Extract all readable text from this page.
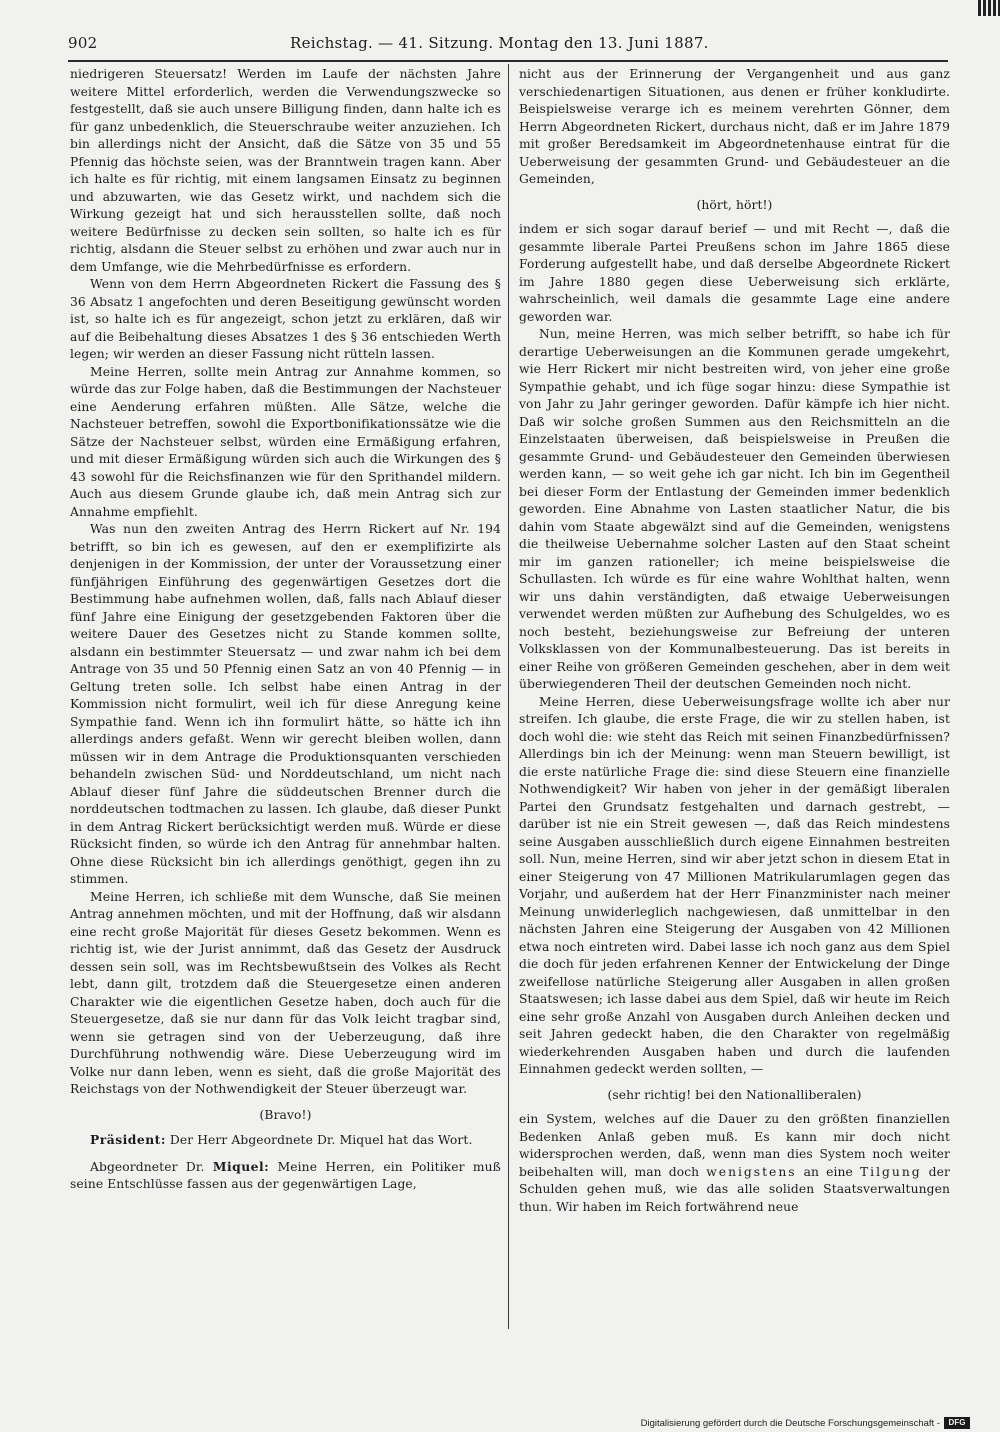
902	Reichstag. — 41. Sitzung. Montag den 13. Juni 1887.

niedrigeren Steuersatz! Werden im Laufe der nächsten Jahre weitere Mittel erforderlich, werden die Verwendungszwecke so festgestellt, daß sie auch unsere Billigung finden, dann halte ich es für ganz unbedenklich, die Steuerschraube weiter anzuziehen. Ich bin allerdings nicht der Ansicht, daß die Sätze von 35 und 55 Pfennig das höchste seien, was der Branntwein tragen kann. Aber ich halte es für richtig, mit einem langsamen Einsatz zu beginnen und abzuwarten, wie das Gesetz wirkt, und nachdem sich die Wirkung gezeigt hat und sich herausstellen sollte, daß noch weitere Bedürfnisse zu decken sein sollten, so halte ich es für richtig, alsdann die Steuer selbst zu erhöhen und zwar auch nur in dem Umfange, wie die Mehrbedürfnisse es erfordern.

Wenn von dem Herrn Abgeordneten Rickert die Fassung des § 36 Absatz 1 angefochten und deren Beseitigung gewünscht worden ist, so halte ich es für angezeigt, schon jetzt zu erklären, daß wir auf die Beibehaltung dieses Absatzes 1 des § 36 entschieden Werth legen; wir werden an dieser Fassung nicht rütteln lassen.

Meine Herren, sollte mein Antrag zur Annahme kommen, so würde das zur Folge haben, daß die Bestimmungen der Nachsteuer eine Aenderung erfahren müßten. Alle Sätze, welche die Nachsteuer betreffen, sowohl die Exportbonifikationssätze wie die Sätze der Nachsteuer selbst, würden eine Ermäßigung erfahren, und mit dieser Ermäßigung würden sich auch die Wirkungen des § 43 sowohl für die Reichsfinanzen wie für den Sprithandel mildern. Auch aus diesem Grunde glaube ich, daß mein Antrag sich zur Annahme empfiehlt.

Was nun den zweiten Antrag des Herrn Rickert auf Nr. 194 betrifft, so bin ich es gewesen, auf den er exemplifizirte als denjenigen in der Kommission, der unter der Voraussetzung einer fünfjährigen Einführung des gegenwärtigen Gesetzes dort die Bestimmung habe aufnehmen wollen, daß, falls nach Ablauf dieser fünf Jahre eine Einigung der gesetzgebenden Faktoren über die weitere Dauer des Gesetzes nicht zu Stande kommen sollte, alsdann ein bestimmter Steuersatz — und zwar nahm ich bei dem Antrage von 35 und 50 Pfennig einen Satz an von 40 Pfennig — in Geltung treten solle. Ich selbst habe einen Antrag in der Kommission nicht formulirt, weil ich für diese Anregung keine Sympathie fand. Wenn ich ihn formulirt hätte, so hätte ich ihn allerdings anders gefaßt. Wenn wir gerecht bleiben wollen, dann müssen wir in dem Antrage die Produktionsquanten verschieden behandeln zwischen Süd- und Norddeutschland, um nicht nach Ablauf dieser fünf Jahre die süddeutschen Brenner durch die norddeutschen todtmachen zu lassen. Ich glaube, daß dieser Punkt in dem Antrag Rickert berücksichtigt werden muß. Würde er diese Rücksicht finden, so würde ich den Antrag für annehmbar halten. Ohne diese Rücksicht bin ich allerdings genöthigt, gegen ihn zu stimmen.

Meine Herren, ich schließe mit dem Wunsche, daß Sie meinen Antrag annehmen möchten, und mit der Hoffnung, daß wir alsdann eine recht große Majorität für dieses Gesetz bekommen. Wenn es richtig ist, wie der Jurist annimmt, daß das Gesetz der Ausdruck dessen sein soll, was im Rechtsbewußtsein des Volkes als Recht lebt, dann gilt, trotzdem daß die Steuergesetze einen anderen Charakter wie die eigentlichen Gesetze haben, doch auch für die Steuergesetze, daß sie nur dann für das Volk leicht tragbar sind, wenn sie getragen sind von der Ueberzeugung, daß ihre Durchführung nothwendig wäre. Diese Ueberzeugung wird im Volke nur dann leben, wenn es sieht, daß die große Majorität des Reichstags von der Nothwendigkeit der Steuer überzeugt war.

(Bravo!)

Präsident: Der Herr Abgeordnete Dr. Miquel hat das Wort.

Abgeordneter Dr. Miquel: Meine Herren, ein Politiker muß seine Entschlüsse fassen aus der gegenwärtigen Lage,

nicht aus der Erinnerung der Vergangenheit und aus ganz verschiedenartigen Situationen, aus denen er früher konkludirte. Beispielsweise verarge ich es meinem verehrten Gönner, dem Herrn Abgeordneten Rickert, durchaus nicht, daß er im Jahre 1879 mit großer Beredsamkeit im Abgeordnetenhause eintrat für die Ueberweisung der gesammten Grund- und Gebäudesteuer an die Gemeinden,

(hört, hört!)

indem er sich sogar darauf berief — und mit Recht —, daß die gesammte liberale Partei Preußens schon im Jahre 1865 diese Forderung aufgestellt habe, und daß derselbe Abgeordnete Rickert im Jahre 1880 gegen diese Ueberweisung sich erklärte, wahrscheinlich, weil damals die gesammte Lage eine andere geworden war.

Nun, meine Herren, was mich selber betrifft, so habe ich für derartige Ueberweisungen an die Kommunen gerade umgekehrt, wie Herr Rickert mir nicht bestreiten wird, von jeher eine große Sympathie gehabt, und ich füge sogar hinzu: diese Sympathie ist von Jahr zu Jahr geringer geworden. Dafür kämpfe ich hier nicht. Daß wir solche großen Summen aus den Reichsmitteln an die Einzelstaaten überweisen, daß beispielsweise in Preußen die gesammte Grund- und Gebäudesteuer den Gemeinden überwiesen werden kann, — so weit gehe ich gar nicht. Ich bin im Gegentheil bei dieser Form der Entlastung der Gemeinden immer bedenklich geworden. Eine Abnahme von Lasten staatlicher Natur, die bis dahin vom Staate abgewälzt sind auf die Gemeinden, wenigstens die theilweise Uebernahme solcher Lasten auf den Staat scheint mir im ganzen rationeller; ich meine beispielsweise die Schullasten. Ich würde es für eine wahre Wohlthat halten, wenn wir uns dahin verständigten, daß etwaige Ueberweisungen verwendet werden müßten zur Aufhebung des Schulgeldes, wo es noch besteht, beziehungsweise zur Befreiung der unteren Volksklassen von der Kommunalbesteuerung. Das ist bereits in einer Reihe von größeren Gemeinden geschehen, aber in dem weit überwiegenderen Theil der deutschen Gemeinden noch nicht.

Meine Herren, diese Ueberweisungsfrage wollte ich aber nur streifen. Ich glaube, die erste Frage, die wir zu stellen haben, ist doch wohl die: wie steht das Reich mit seinen Finanzbedürfnissen? Allerdings bin ich der Meinung: wenn man Steuern bewilligt, ist die erste natürliche Frage die: sind diese Steuern eine finanzielle Nothwendigkeit? Wir haben von jeher in der gemäßigt liberalen Partei den Grundsatz festgehalten und darnach gestrebt, — darüber ist nie ein Streit gewesen —, daß das Reich mindestens seine Ausgaben ausschließlich durch eigene Einnahmen bestreiten soll. Nun, meine Herren, sind wir aber jetzt schon in diesem Etat in einer Steigerung von 47 Millionen Matrikularumlagen gegen das Vorjahr, und außerdem hat der Herr Finanzminister nach meiner Meinung unwiderleglich nachgewiesen, daß unmittelbar in den nächsten Jahren eine Steigerung der Ausgaben von 42 Millionen etwa noch eintreten wird. Dabei lasse ich noch ganz aus dem Spiel die doch für jeden erfahrenen Kenner der Entwickelung der Dinge zweifellose natürliche Steigerung aller Ausgaben in allen großen Staatswesen; ich lasse dabei aus dem Spiel, daß wir heute im Reich eine sehr große Anzahl von Ausgaben durch Anleihen decken und seit Jahren gedeckt haben, die den Charakter von regelmäßig wiederkehrenden Ausgaben haben und durch die laufenden Einnahmen gedeckt werden sollten, —

(sehr richtig! bei den Nationalliberalen)

ein System, welches auf die Dauer zu den größten finanziellen Bedenken Anlaß geben muß. Es kann mir doch nicht widersprochen werden, daß, wenn man dies System noch weiter beibehalten will, man doch wenigstens an eine Tilgung der Schulden gehen muß, wie das alle soliden Staatsverwaltungen thun. Wir haben im Reich fortwährend neue

Digitalisierung gefördert durch die Deutsche Forschungsgemeinschaft -	DFG
